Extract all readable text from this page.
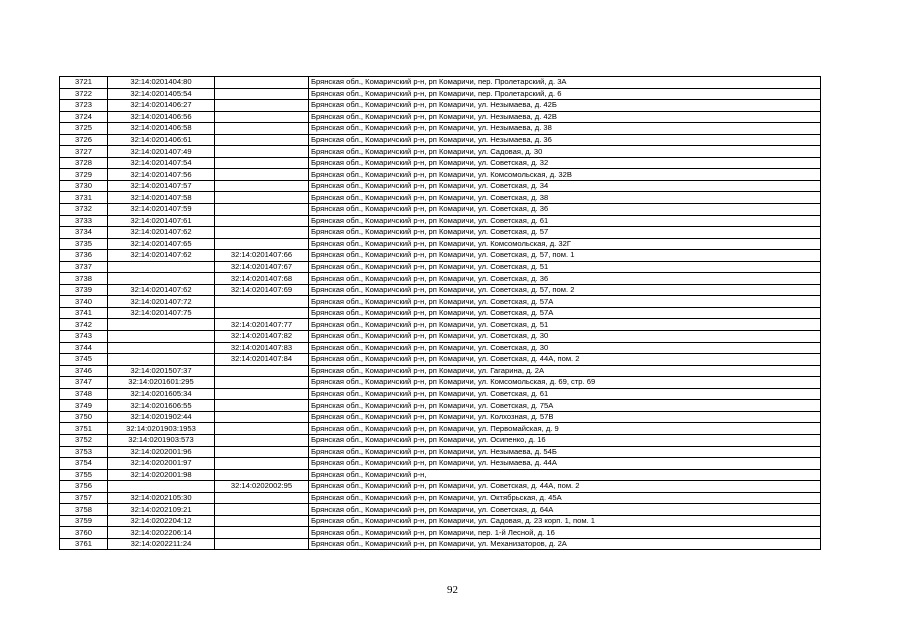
3721	32:14:0201404:80		Брянская обл., Комаричский р-н, рп Комаричи, пер. Пролетарский, д. 3А
3722	32:14:0201405:54		Брянская обл., Комаричский р-н, рп Комаричи, пер. Пролетарский, д. 6
3723	32:14:0201406:27		Брянская обл., Комаричский р-н, рп Комаричи, ул. Незымаева, д. 42Б
3724	32:14:0201406:56		Брянская обл., Комаричский р-н, рп Комаричи, ул. Незымаева, д. 42В
3725	32:14:0201406:58		Брянская обл., Комаричский р-н, рп Комаричи, ул. Незымаева, д. 38
3726	32:14:0201406:61		Брянская обл., Комаричский р-н, рп Комаричи, ул. Незымаева, д. 36
3727	32:14:0201407:49		Брянская обл., Комаричский р-н, рп Комаричи, ул. Садовая, д. 30
3728	32:14:0201407:54		Брянская обл., Комаричский р-н, рп Комаричи, ул. Советская, д. 32
3729	32:14:0201407:56		Брянская обл., Комаричский р-н, рп Комаричи, ул. Комсомольская, д. 32В
3730	32:14:0201407:57		Брянская обл., Комаричский р-н, рп Комаричи, ул. Советская, д. 34
3731	32:14:0201407:58		Брянская обл., Комаричский р-н, рп Комаричи, ул. Советская, д. 38
3732	32:14:0201407:59		Брянская обл., Комаричский р-н, рп Комаричи, ул. Советская, д. 36
3733	32:14:0201407:61		Брянская обл., Комаричский р-н, рп Комаричи, ул. Советская, д. 61
3734	32:14:0201407:62		Брянская обл., Комаричский р-н, рп Комаричи, ул. Советская, д. 57
3735	32:14:0201407:65		Брянская обл., Комаричский р-н, рп Комаричи, ул. Комсомольская, д. 32Г
3736	32:14:0201407:62	32:14:0201407:66	Брянская обл., Комаричский р-н, рп Комаричи, ул. Советская, д. 57, пом. 1
3737		32:14:0201407:67	Брянская обл., Комаричский р-н, рп Комаричи, ул. Советская, д. 51
3738		32:14:0201407:68	Брянская обл., Комаричский р-н, рп Комаричи, ул. Советская, д. 36
3739	32:14:0201407:62	32:14:0201407:69	Брянская обл., Комаричский р-н, рп Комаричи, ул. Советская, д. 57, пом. 2
3740	32:14:0201407:72		Брянская обл., Комаричский р-н, рп Комаричи, ул. Советская, д. 57А
3741	32:14:0201407:75		Брянская обл., Комаричский р-н, рп Комаричи, ул. Советская, д. 57А
3742		32:14:0201407:77	Брянская обл., Комаричский р-н, рп Комаричи, ул. Советская, д. 51
3743		32:14:0201407:82	Брянская обл., Комаричский р-н, рп Комаричи, ул. Советская, д. 30
3744		32:14:0201407:83	Брянская обл., Комаричский р-н, рп Комаричи, ул. Советская, д. 30
3745		32:14:0201407:84	Брянская обл., Комаричский р-н, рп Комаричи, ул. Советская, д. 44А, пом. 2
3746	32:14:0201507:37		Брянская обл., Комаричский р-н, рп Комаричи, ул. Гагарина, д. 2А
3747	32:14:0201601:295		Брянская обл., Комаричский р-н, рп Комаричи, ул. Комсомольская, д. 69, стр. 69
3748	32:14:0201605:34		Брянская обл., Комаричский р-н, рп Комаричи, ул. Советская, д. 61
3749	32:14:0201606:55		Брянская обл., Комаричский р-н, рп Комаричи, ул. Советская, д. 75А
3750	32:14:0201902:44		Брянская обл., Комаричский р-н, рп Комаричи, ул. Колхозная, д. 57В
3751	32:14:0201903:1953		Брянская обл., Комаричский р-н, рп Комаричи, ул. Первомайская, д. 9
3752	32:14:0201903:573		Брянская обл., Комаричский р-н, рп Комаричи, ул. Осипенко, д. 16
3753	32:14:0202001:96		Брянская обл., Комаричский р-н, рп Комаричи, ул. Незымаева, д. 54Б
3754	32:14:0202001:97		Брянская обл., Комаричский р-н, рп Комаричи, ул. Незымаева, д. 44А
3755	32:14:0202001:98		Брянская обл., Комаричский р-н,
3756		32:14:0202002:95	Брянская обл., Комаричский р-н, рп Комаричи, ул. Советская, д. 44А, пом. 2
3757	32:14:0202105:30		Брянская обл., Комаричский р-н, рп Комаричи, ул. Октябрьская, д. 45А
3758	32:14:0202109:21		Брянская обл., Комаричский р-н, рп Комаричи, ул. Советская, д. 64А
3759	32:14:0202204:12		Брянская обл., Комаричский р-н, рп Комаричи, ул. Садовая, д. 23 корп. 1, пом. 1
3760	32:14:0202206:14		Брянская обл., Комаричский р-н, рп Комаричи, пер. 1-й Лесной, д. 16
3761	32:14:0202211:24		Брянская обл., Комаричский р-н, рп Комаричи, ул. Механизаторов, д. 2А
92
